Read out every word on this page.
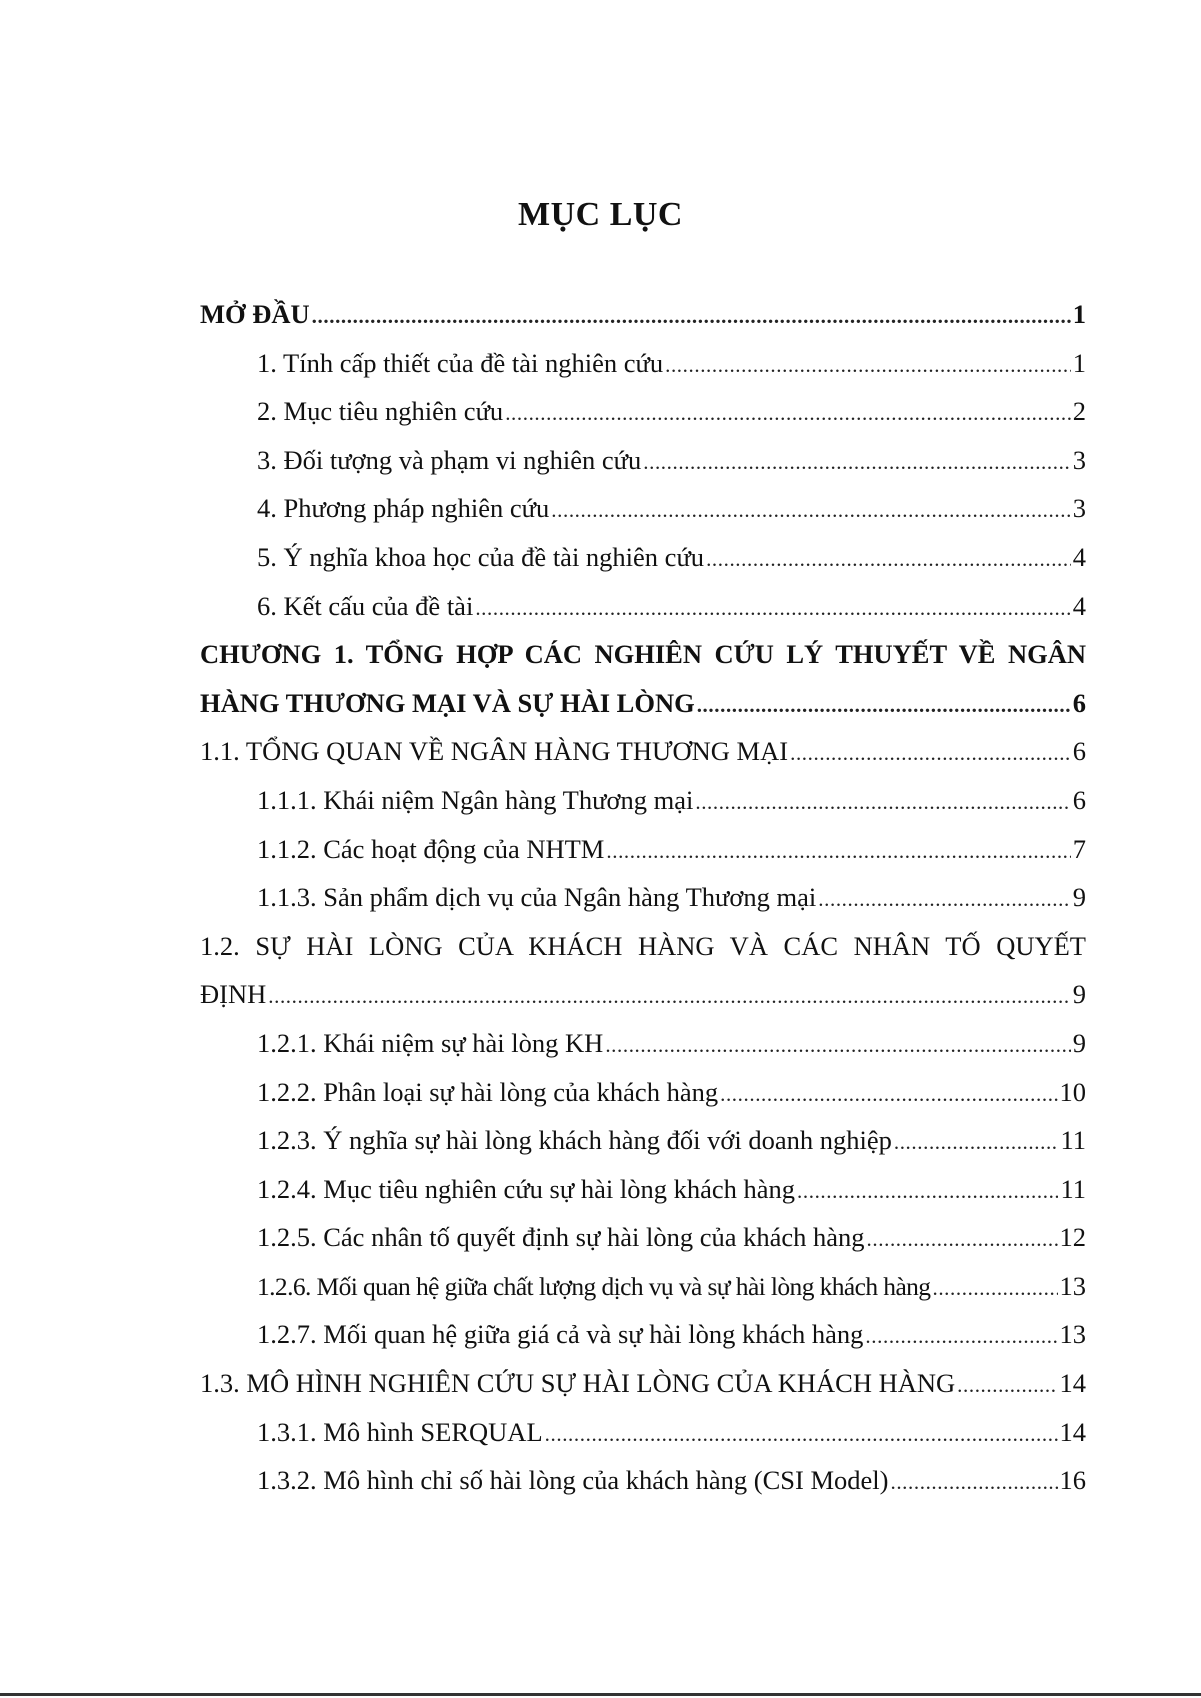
MỤC LỤC
MỞ ĐẦU .....	1
1. Tính cấp thiết của đề tài nghiên cứu .....	1
2. Mục tiêu nghiên cứu .....	2
3. Đối tượng và phạm vi nghiên cứu .....	3
4. Phương pháp nghiên cứu .....	3
5. Ý nghĩa khoa học của đề tài nghiên cứu .....	4
6. Kết cấu của đề tài .....	4
CHƯƠNG 1. TỔNG HỢP CÁC NGHIÊN CỨU LÝ THUYẾT VỀ NGÂN
HÀNG THƯƠNG MẠI VÀ SỰ HÀI LÒNG .....	6
1.1. TỔNG QUAN VỀ NGÂN HÀNG THƯƠNG MẠI .....	6
1.1.1. Khái niệm Ngân hàng Thương mại .....	6
1.1.2. Các hoạt động của NHTM .....	7
1.1.3. Sản phẩm dịch vụ của Ngân hàng Thương mại .....	9
1.2. SỰ HÀI LÒNG CỦA KHÁCH HÀNG VÀ CÁC NHÂN TỐ QUYẾT
ĐỊNH .....	9
1.2.1. Khái niệm sự hài lòng KH .....	9
1.2.2. Phân loại sự hài lòng của khách hàng .....	10
1.2.3. Ý nghĩa sự hài lòng khách hàng đối với doanh nghiệp .....	11
1.2.4. Mục tiêu nghiên cứu sự hài lòng khách hàng .....	11
1.2.5. Các nhân tố quyết định sự hài lòng của khách hàng .....	12
1.2.6. Mối quan hệ giữa chất lượng dịch vụ và sự hài lòng khách hàng .....	13
1.2.7. Mối quan hệ giữa giá cả và sự hài lòng khách hàng .....	13
1.3. MÔ HÌNH NGHIÊN CỨU SỰ HÀI LÒNG CỦA KHÁCH HÀNG .....	14
1.3.1. Mô hình SERQUAL .....	14
1.3.2. Mô hình chỉ số hài lòng của khách hàng (CSI Model) .....	16
